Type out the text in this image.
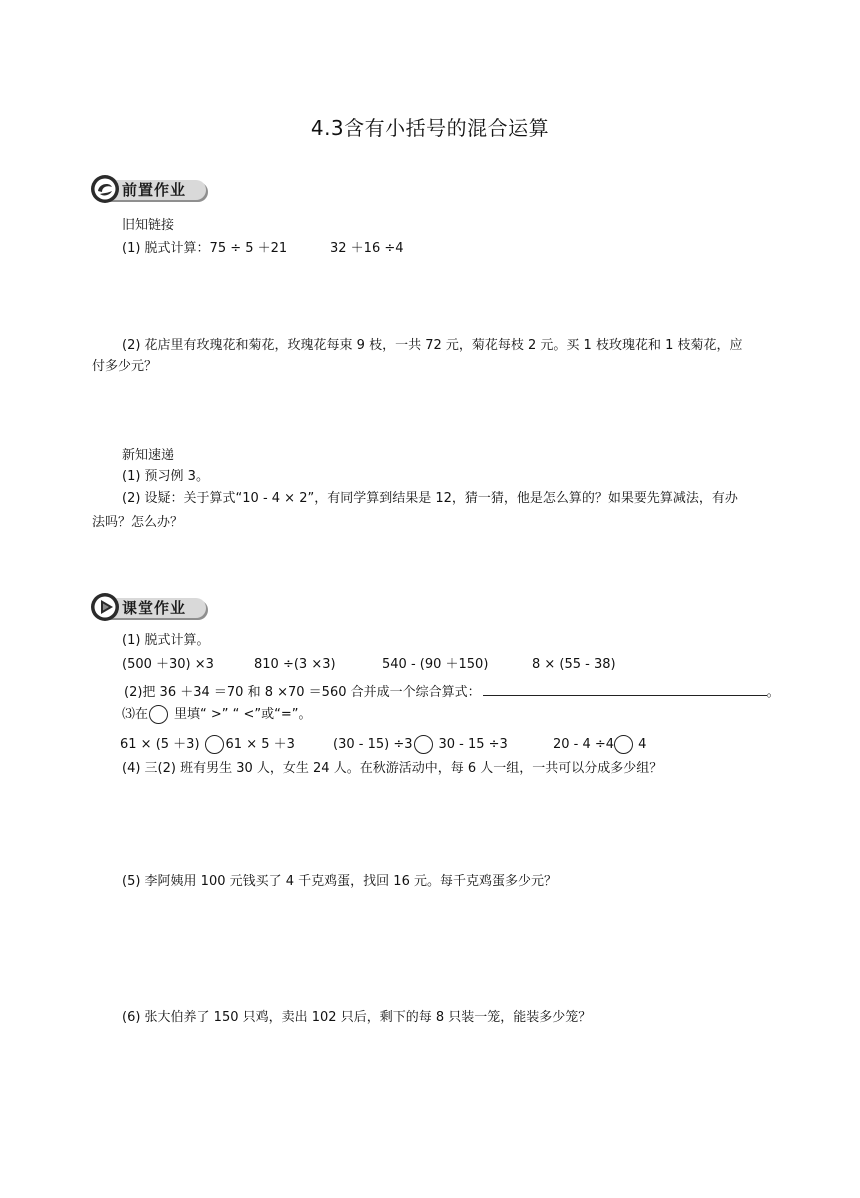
4.3含有小括号的混合运算
前置作业
旧知链接
(1) 脱式计算：75 ÷ 5 ＋21	32 ＋16 ÷4
(2) 花店里有玫瑰花和菊花，玫瑰花每束 9 枝，一共 72 元，菊花每枝 2 元。买 1 枝玫瑰花和 1 枝菊花，应
付多少元？
新知速递
(1) 预习例 3。
(2) 设疑：关于算式“10 - 4 × 2”，有同学算到结果是 12，猜一猜，他是怎么算的？如果要先算减法，有办
法吗？怎么办？
课堂作业
(1) 脱式计算。
(500 ＋30) ×3	810 ÷(3 ×3)	540 - (90 ＋150)	8 × (55 - 38)
(2)把 36 ＋34 ＝70 和 8 ×70 ＝560 合并成一个综合算式：	。
⑶在 里填“ >” “ <”或“=”。
61 × (5 ＋3) 61 × 5 ＋3	(30 - 15) ÷3 30 - 15 ÷3	20 - 4 ÷4 4
(4) 三(2) 班有男生 30 人，女生 24 人。在秋游活动中，每 6 人一组，一共可以分成多少组？
(5) 李阿姨用 100 元钱买了 4 千克鸡蛋，找回 16 元。每千克鸡蛋多少元？
(6) 张大伯养了 150 只鸡，卖出 102 只后，剩下的每 8 只装一笼，能装多少笼？
